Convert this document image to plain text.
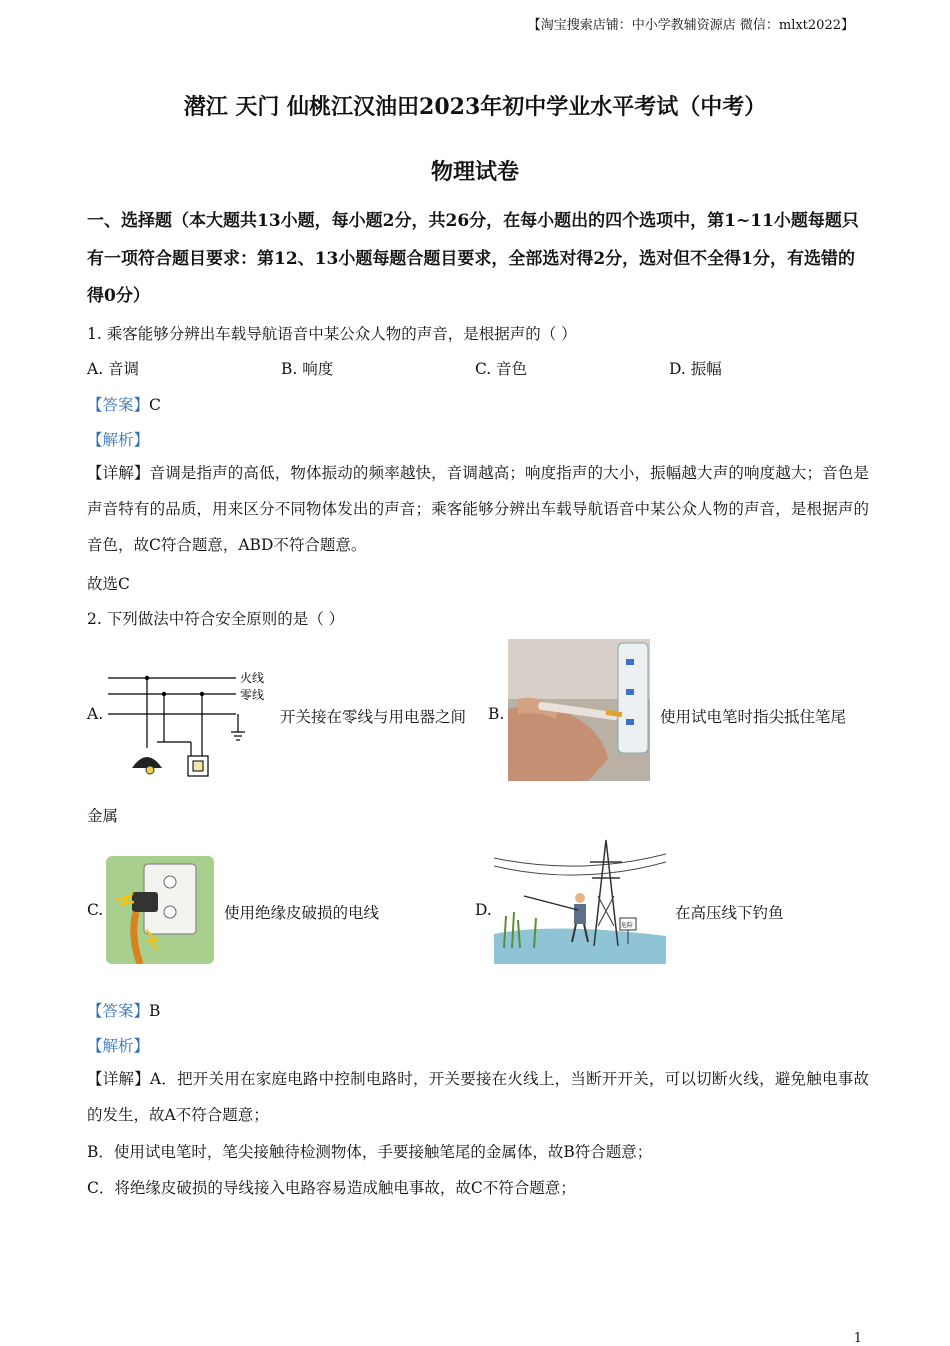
【淘宝搜索店铺：中小学教辅资源店 微信：mlxt2022】
潜江 天门 仙桃江汉油田2023年初中学业水平考试（中考）
物理试卷
一、选择题（本大题共13小题，每小题2分，共26分，在每小题出的四个选项中，第1~11小题每题只有一项符合题目要求：第12、13小题每题合题目要求，全部选对得2分，选对但不全得1分，有选错的得0分）
1. 乘客能够分辨出车载导航语音中某公众人物的声音，是根据声的（ ）
A. 音调	B. 响度	C. 音色	D. 振幅
【答案】C
【解析】
【详解】音调是指声的高低，物体振动的频率越快，音调越高；响度指声的大小，振幅越大声的响度越大；音色是声音特有的品质，用来区分不同物体发出的声音；乘客能够分辨出车载导航语音中某公众人物的声音，是根据声的音色，故C符合题意，ABD不符合题意。
故选C
2. 下列做法中符合安全原则的是（ ）
A.
火线
零线
开关接在零线与用电器之间 B.	使用试电笔时指尖抵住笔尾
金属
C.	使用绝缘皮破损的电线	D.
危险
在高压线下钓鱼
【答案】B
【解析】
【详解】A．把开关用在家庭电路中控制电路时，开关要接在火线上，当断开开关，可以切断火线，避免触电事故的发生，故A不符合题意；
B．使用试电笔时，笔尖接触待检测物体，手要接触笔尾的金属体，故B符合题意；
C．将绝缘皮破损的导线接入电路容易造成触电事故，故C不符合题意；
1
